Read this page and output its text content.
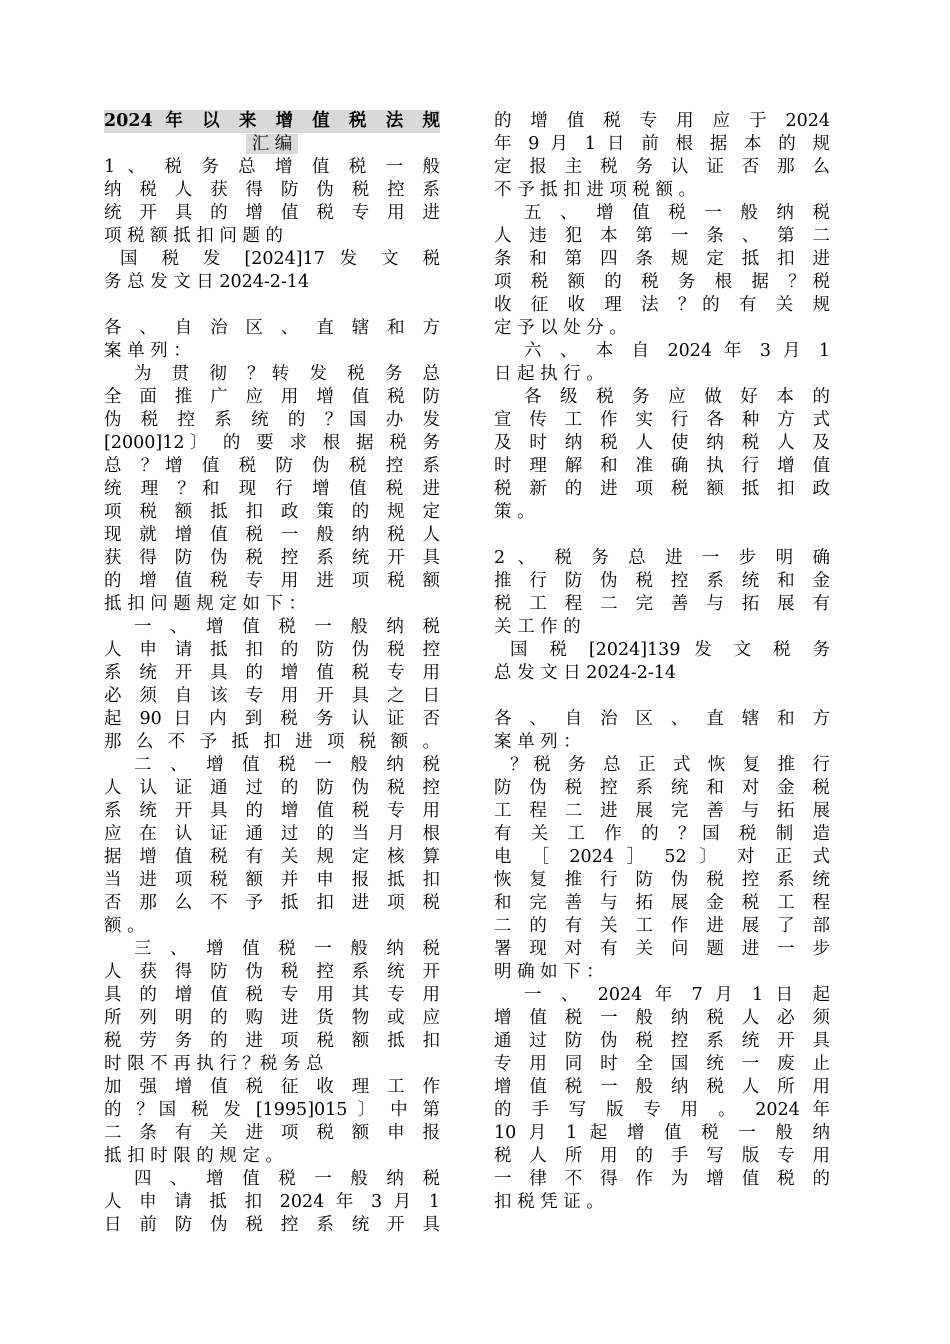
2024 年 以 来 增 值 税 法 规
汇 编
1 、 税 务 总 增 值 税 一 般
纳 税 人 获 得 防 伪 税 控 系
统 开 具 的 增 值 税 专 用 进
项 税 额 抵 扣 问 题 的
国 税 发 [2024]17 发 文 税
务 总 发 文 日 2024-2-14
各 、 自 治 区 、 直 辖 和 方
案 单 列 ：
为 贯 彻 ？转 发 税 务 总
全 面 推 广 应 用 增 值 税 防
伪 税 控 系 统 的 ？国 办 发
[2000]12〕 的 要 求 根 据 税 务
总 ？增 值 税 防 伪 税 控 系
统 理 ？和 现 行 增 值 税 进
项 税 额 抵 扣 政 策 的 规 定
现 就 增 值 税 一 般 纳 税 人
获 得 防 伪 税 控 系 统 开 具
的 增 值 税 专 用 进 项 税 额
抵 扣 问 题 规 定 如 下 ：
一 、 增 值 税 一 般 纳 税
人 申 请 抵 扣 的 防 伪 税 控
系 统 开 具 的 增 值 税 专 用
必 须 自 该 专 用 开 具 之 日
起 90 日 内 到 税 务 认 证 否
那 么 不 予 抵 扣 进 项 税 额 。
二 、 增 值 税 一 般 纳 税
人 认 证 通 过 的 防 伪 税 控
系 统 开 具 的 增 值 税 专 用
应 在 认 证 通 过 的 当 月 根
据 增 值 税 有 关 规 定 核 算
当 进 项 税 额 并 申 报 抵 扣
否 那 么 不 予 抵 扣 进 项 税
额 。
三 、 增 值 税 一 般 纳 税
人 获 得 防 伪 税 控 系 统 开
具 的 增 值 税 专 用 其 专 用
所 列 明 的 购 进 货 物 或 应
税 劳 务 的 进 项 税 额 抵 扣
时 限 不 再 执 行 ？税 务 总
加 强 增 值 税 征 收 理 工 作
的 ？国 税 发 [1995]015 〕 中 第
二 条 有 关 进 项 税 额 申 报
抵 扣 时 限 的 规 定 。
四 、 增 值 税 一 般 纳 税
人 申 请 抵 扣 2024 年 3 月 1
日 前 防 伪 税 控 系 统 开 具
的 增 值 税 专 用 应 于 2024
年 9 月 1 日 前 根 据 本 的 规
定 报 主 税 务 认 证 否 那 么
不 予 抵 扣 进 项 税 额 。
五 、 增 值 税 一 般 纳 税
人 违 犯 本 第 一 条 、 第 二
条 和 第 四 条 规 定 抵 扣 进
项 税 额 的 税 务 根 据 ？税
收 征 收 理 法 ？的 有 关 规
定 予 以 处 分 。
六 、 本 自 2024 年 3 月 1
日 起 执 行 。
各 级 税 务 应 做 好 本 的
宣 传 工 作 实 行 各 种 方 式
及 时 纳 税 人 使 纳 税 人 及
时 理 解 和 准 确 执 行 增 值
税 新 的 进 项 税 额 抵 扣 政
策 。
2 、 税 务 总 进 一 步 明 确
推 行 防 伪 税 控 系 统 和 金
税 工 程 二 完 善 与 拓 展 有
关 工 作 的
国 税 [2024]139 发 文 税 务
总 发 文 日 2024-2-14
各 、 自 治 区 、 直 辖 和 方
案 单 列 ：
？税 务 总 正 式 恢 复 推 行
防 伪 税 控 系 统 和 对 金 税
工 程 二 进 展 完 善 与 拓 展
有 关 工 作 的 ？国 税 制 造
电 ［ 2024 ］ 52 〕 对 正 式
恢 复 推 行 防 伪 税 控 系 统
和 完 善 与 拓 展 金 税 工 程
二 的 有 关 工 作 进 展 了 部
署 现 对 有 关 问 题 进 一 步
明 确 如 下 ：
一 、 2024 年 7 月 1 日 起
增 值 税 一 般 纳 税 人 必 须
通 过 防 伪 税 控 系 统 开 具
专 用 同 时 全 国 统 一 废 止
增 值 税 一 般 纳 税 人 所 用
的 手 写 版 专 用 。 2024 年
10 月 1 起 增 值 税 一 般 纳
税 人 所 用 的 手 写 版 专 用
一 律 不 得 作 为 增 值 税 的
扣 税 凭 证 。
